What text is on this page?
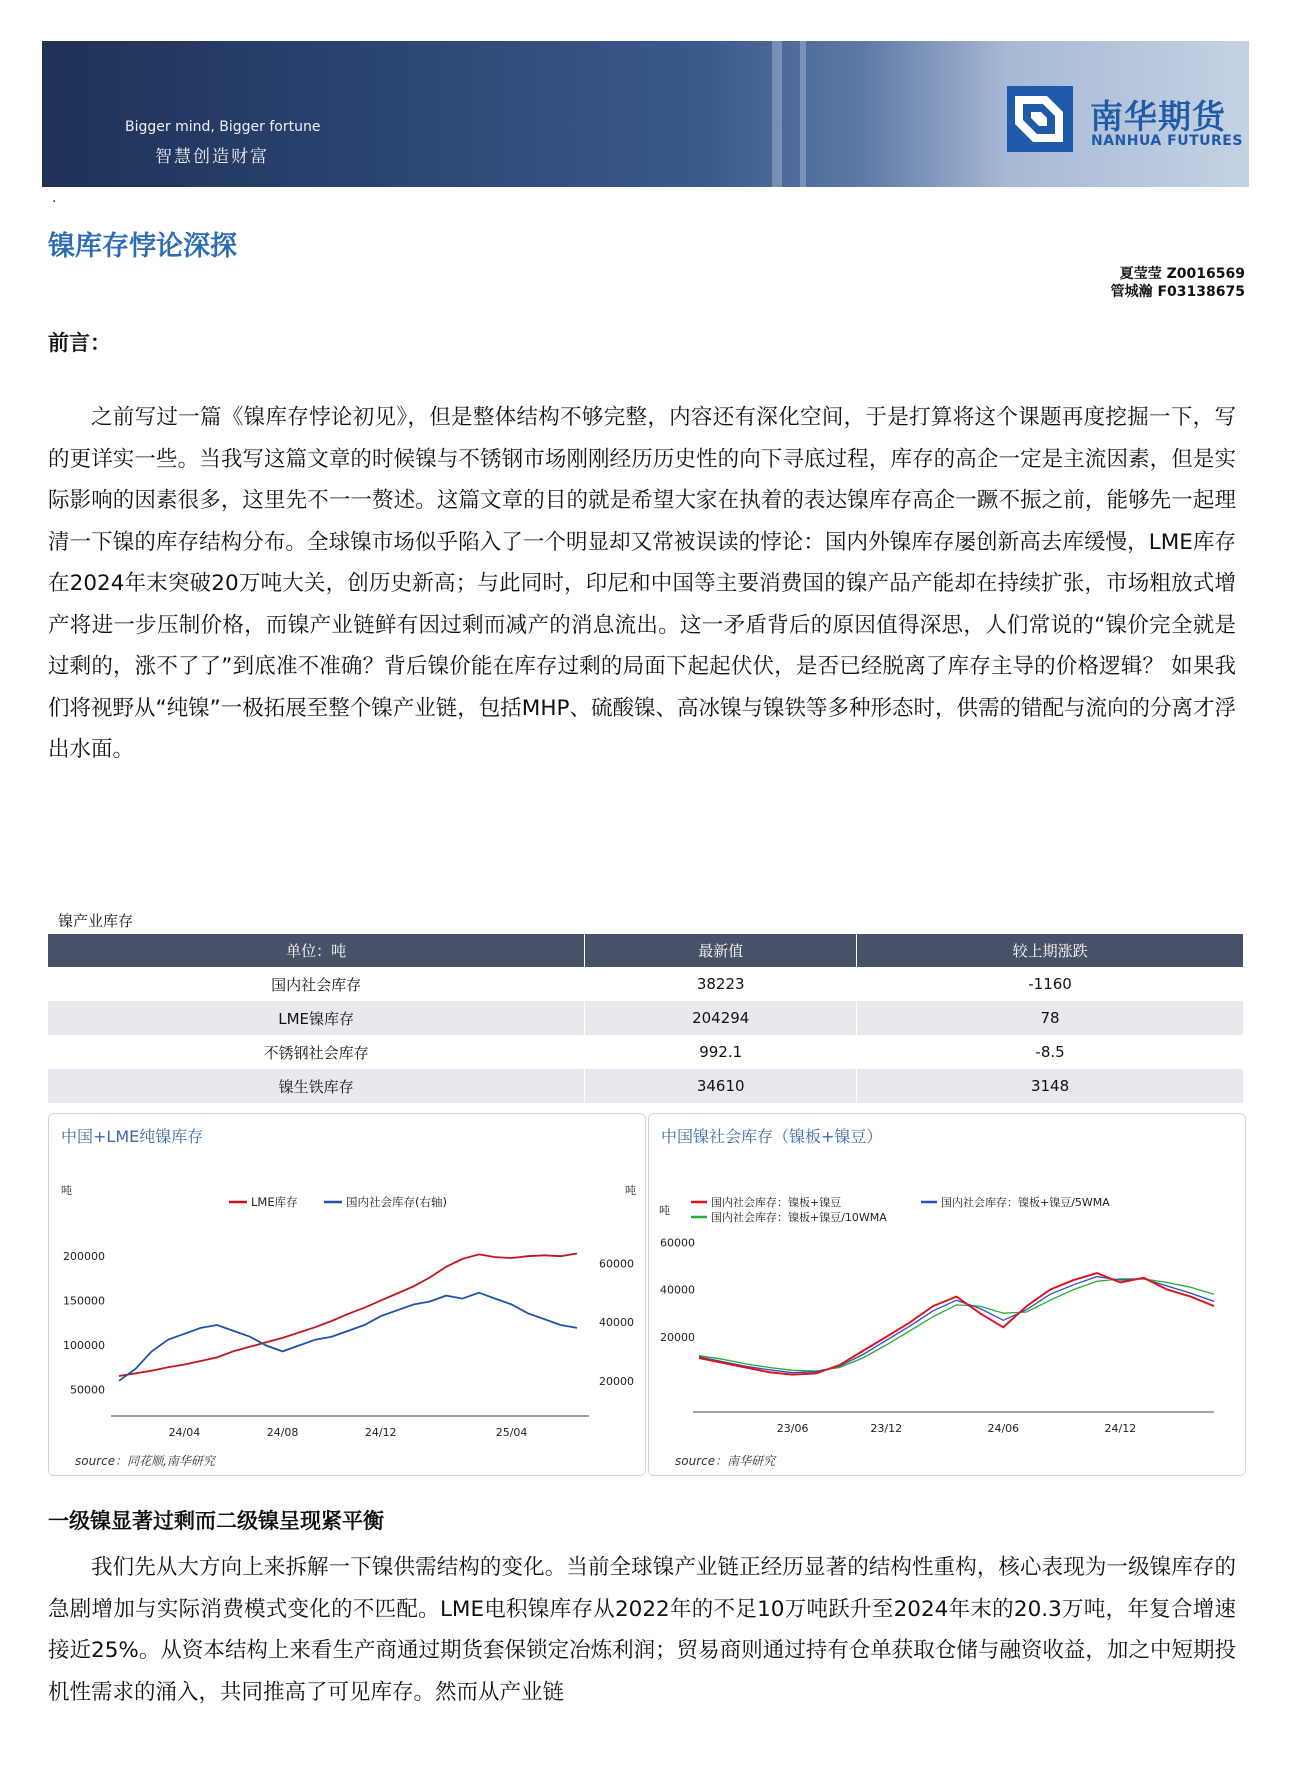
Bigger mind, Bigger fortune
智慧创造财富
南华期货
NANHUA FUTURES
.
镍库存悖论深探
夏莹莹 Z0016569
管城瀚 F03138675
前言：

之前写过一篇《镍库存悖论初见》，但是整体结构不够完整，内容还有深化空间，于是打算将这个课题再度挖掘一下，写的更详实一些。当我写这篇文章的时候镍与不锈钢市场刚刚经历历史性的向下寻底过程，库存的高企一定是主流因素，但是实际影响的因素很多，这里先不一一赘述。这篇文章的目的就是希望大家在执着的表达镍库存高企一蹶不振之前，能够先一起理清一下镍的库存结构分布。全球镍市场似乎陷入了一个明显却又常被误读的悖论：国内外镍库存屡创新高去库缓慢，LME库存在2024年末突破20万吨大关，创历史新高；与此同时，印尼和中国等主要消费国的镍产品产能却在持续扩张，市场粗放式增产将进一步压制价格，而镍产业链鲜有因过剩而减产的消息流出。这一矛盾背后的原因值得深思，人们常说的“镍价完全就是过剩的，涨不了了”到底准不准确？背后镍价能在库存过剩的局面下起起伏伏，是否已经脱离了库存主导的价格逻辑？ 如果我们将视野从“纯镍”一极拓展至整个镍产业链，包括MHP、硫酸镍、高冰镍与镍铁等多种形态时，供需的错配与流向的分离才浮出水面。

镍产业库存
单位：吨	最新值	较上期涨跌
国内社会库存	38223	-1160
LME镍库存	204294	78
不锈钢社会库存	992.1	-8.5
镍生铁库存	34610	3148
中国+LME纯镍库存
吨	吨
50000
100000
150000
200000
20000
40000
60000
24/04	24/08	24/12	25/04
LME库存	国内社会库存(右轴)
source：同花顺,南华研究
中国镍社会库存（镍板+镍豆）
吨
20000
40000
60000
23/06	23/12	24/06	24/12
国内社会库存：镍板+镍豆	国内社会库存：镍板+镍豆/5WMA
国内社会库存：镍板+镍豆/10WMA
source：南华研究
一级镍显著过剩而二级镍呈现紧平衡

我们先从大方向上来拆解一下镍供需结构的变化。当前全球镍产业链正经历显著的结构性重构，核心表现为一级镍库存的急剧增加与实际消费模式变化的不匹配。LME电积镍库存从2022年的不足10万吨跃升至2024年末的20.3万吨，年复合增速接近25%。从资本结构上来看生产商通过期货套保锁定冶炼利润；贸易商则通过持有仓单获取仓储与融资收益，加之中短期投机性需求的涌入，共同推高了可见库存。然而从产业链
